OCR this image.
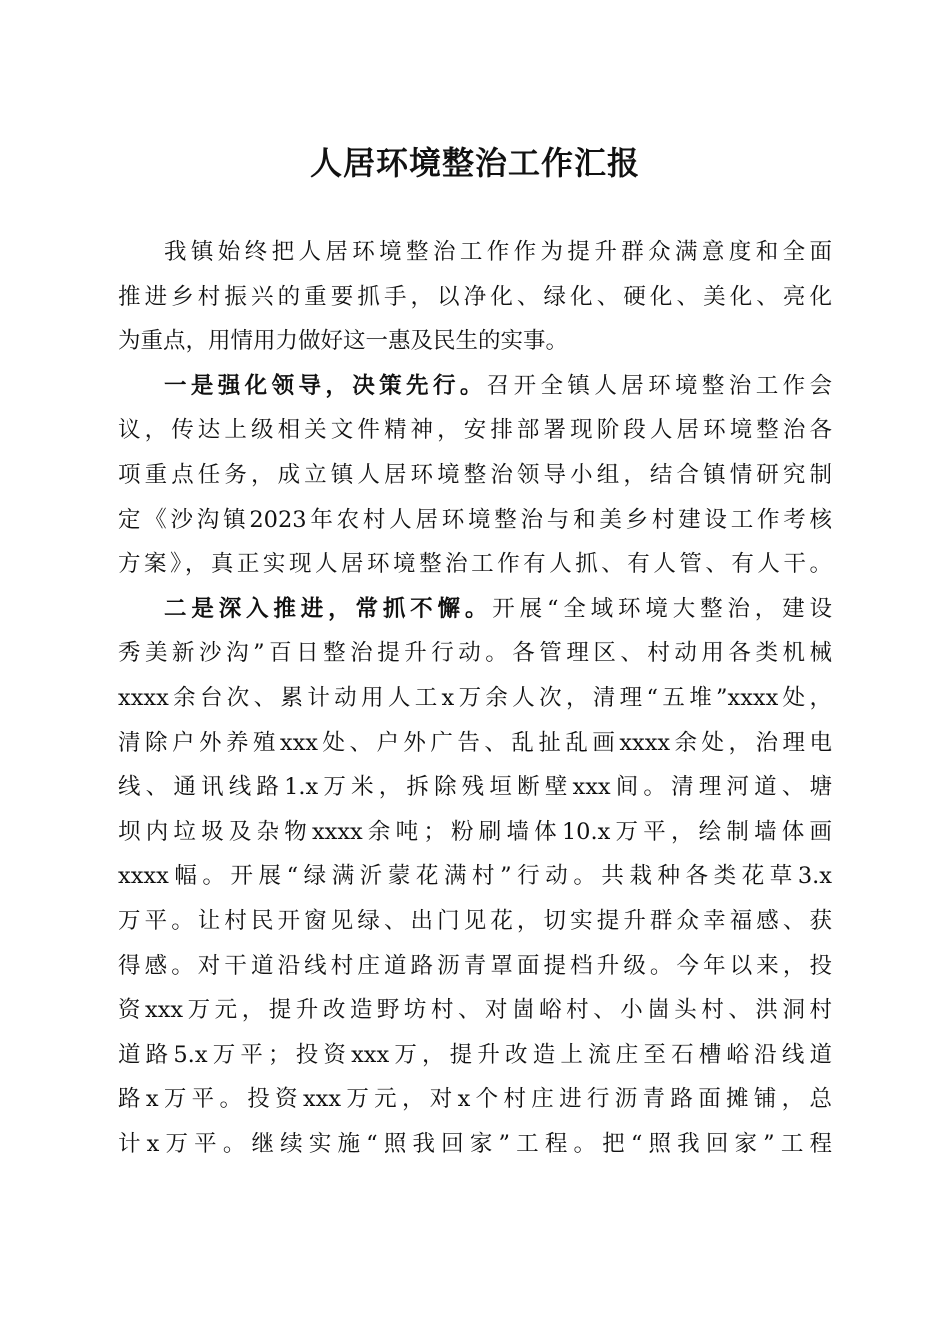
人居环境整治工作汇报
我镇始终把人居环境整治工作作为提升群众满意度和全面
推进乡村振兴的重要抓手，以净化、绿化、硬化、美化、亮化
为重点，用情用力做好这一惠及民生的实事。
一是强化领导，决策先行。召开全镇人居环境整治工作会
议，传达上级相关文件精神，安排部署现阶段人居环境整治各
项重点任务，成立镇人居环境整治领导小组，结合镇情研究制
定《沙沟镇2023年农村人居环境整治与和美乡村建设工作考核
方案》，真正实现人居环境整治工作有人抓、有人管、有人干。
二是深入推进，常抓不懈。开展“全域环境大整治，建设
秀美新沙沟”百日整治提升行动。各管理区、村动用各类机械
xxxx余台次、累计动用人工x万余人次，清理“五堆”xxxx处，
清除户外养殖xxx处、户外广告、乱扯乱画xxxx余处，治理电
线、通讯线路1.x万米，拆除残垣断壁xxx间。清理河道、塘
坝内垃圾及杂物xxxx余吨；粉刷墙体10.x万平，绘制墙体画
xxxx幅。开展“绿满沂蒙花满村”行动。共栽种各类花草3.x
万平。让村民开窗见绿、出门见花，切实提升群众幸福感、获
得感。对干道沿线村庄道路沥青罩面提档升级。今年以来，投
资xxx万元，提升改造野坊村、对崮峪村、小崮头村、洪洞村
道路5.x万平；投资xxx万，提升改造上流庄至石槽峪沿线道
路x万平。投资xxx万元，对x个村庄进行沥青路面摊铺，总
计x万平。继续实施“照我回家”工程。把“照我回家”工程
